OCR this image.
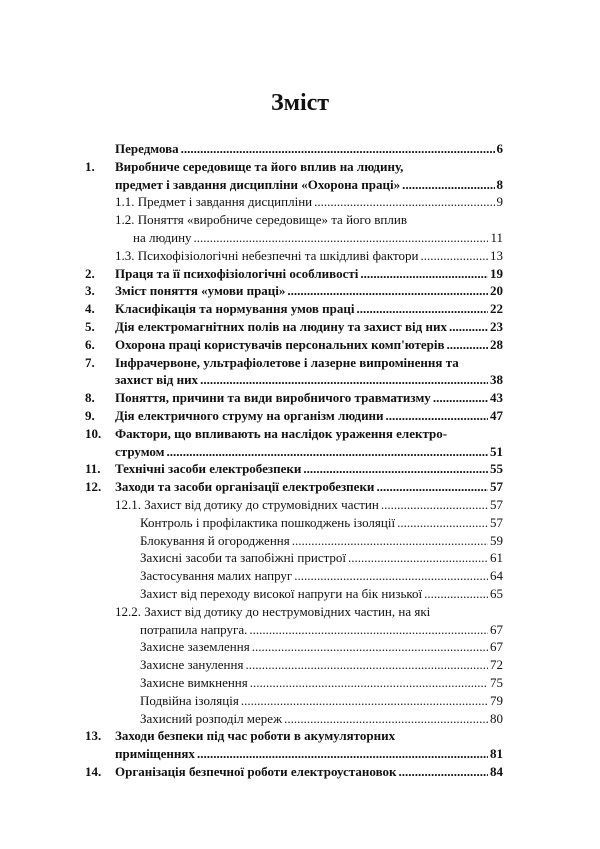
Зміст
Передмова .....	6
1.	Виробниче середовище та його вплив на людину,
предмет і завдання дисципліни «Охорона праці» .....	8
1.1. Предмет і завдання дисципліни .....	9
1.2. Поняття «виробниче середовище» та його вплив
на людину .....	11
1.3. Психофізіологічні небезпечні та шкідливі фактори .....	13
2.	Праця та її психофізіологічні особливості .....	19
3.	Зміст поняття «умови праці» .....	20
4.	Класифікація та нормування умов праці .....	22
5.	Дія електромагнітних полів на людину та захист від них .....	23
6.	Охорона праці користувачів персональних комп'ютерів .....	28
7.	Інфрачервоне, ультрафіолетове і лазерне випромінення та
захист від них .....	38
8.	Поняття, причини та види виробничого травматизму .....	43
9.	Дія електричного струму на організм людини .....	47
10.	Фактори, що впливають на наслідок ураження електро-
струмом .....	51
11.	Технічні засоби електробезпеки .....	55
12.	Заходи та засоби організації електробезпеки .....	57
12.1. Захист від дотику до струмовідних частин .....	57
Контроль і профілактика пошкоджень ізоляції .....	57
Блокування й огородження .....	59
Захисні засоби та запобіжні пристрої .....	61
Застосування малих напруг .....	64
Захист від переходу високої напруги на бік низької .....	65
12.2. Захист від дотику до неструмовідних частин, на які
потрапила напруга. .....	67
Захисне заземлення .....	67
Захисне занулення .....	72
Захисне вимкнення .....	75
Подвійна ізоляція .....	79
Захисний розподіл мереж .....	80
13.	Заходи безпеки під час роботи в акумуляторних
приміщеннях .....	81
14.	Організація безпечної роботи електроустановок .....	84
